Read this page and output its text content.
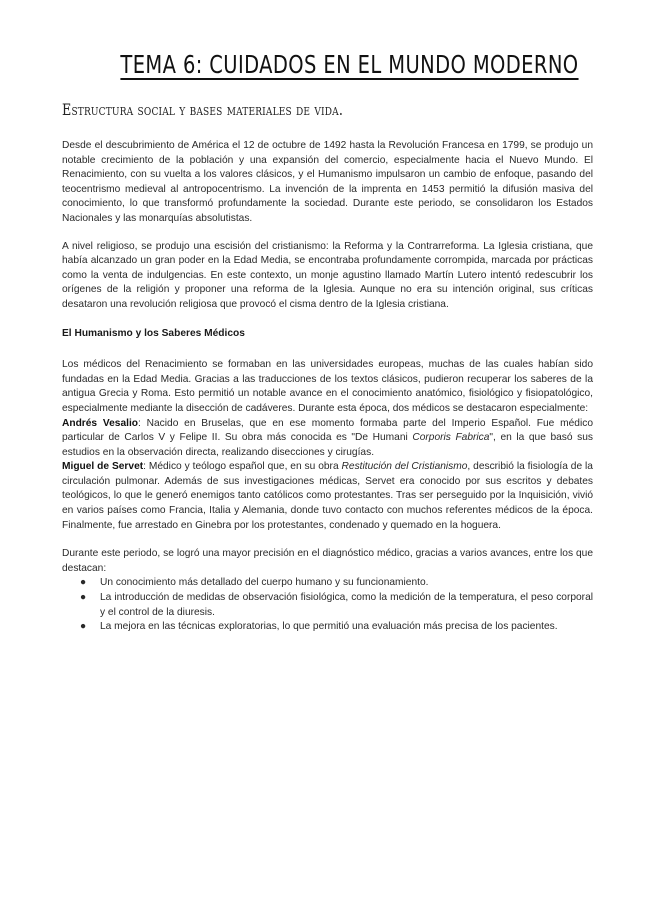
TEMA 6: CUIDADOS EN EL MUNDO MODERNO
Estructura social y bases materiales de vida.

Desde el descubrimiento de América el 12 de octubre de 1492 hasta la Revolución Francesa en 1799, se produjo un notable crecimiento de la población y una expansión del comercio, especialmente hacia el Nuevo Mundo. El Renacimiento, con su vuelta a los valores clásicos, y el Humanismo impulsaron un cambio de enfoque, pasando del teocentrismo medieval al antropocentrismo. La invención de la imprenta en 1453 permitió la difusión masiva del conocimiento, lo que transformó profundamente la sociedad. Durante este periodo, se consolidaron los Estados Nacionales y las monarquías absolutistas.

A nivel religioso, se produjo una escisión del cristianismo: la Reforma y la Contrarreforma. La Iglesia cristiana, que había alcanzado un gran poder en la Edad Media, se encontraba profundamente corrompida, marcada por prácticas como la venta de indulgencias. En este contexto, un monje agustino llamado Martín Lutero intentó redescubrir los orígenes de la religión y proponer una reforma de la Iglesia. Aunque no era su intención original, sus críticas desataron una revolución religiosa que provocó el cisma dentro de la Iglesia cristiana.

El Humanismo y los Saberes Médicos

Los médicos del Renacimiento se formaban en las universidades europeas, muchas de las cuales habían sido fundadas en la Edad Media. Gracias a las traducciones de los textos clásicos, pudieron recuperar los saberes de la antigua Grecia y Roma. Esto permitió un notable avance en el conocimiento anatómico, fisiológico y fisiopatológico, especialmente mediante la disección de cadáveres. Durante esta época, dos médicos se destacaron especialmente:

Andrés Vesalio: Nacido en Bruselas, que en ese momento formaba parte del Imperio Español. Fue médico particular de Carlos V y Felipe II. Su obra más conocida es "De Humani Corporis Fabrica", en la que basó sus estudios en la observación directa, realizando disecciones y cirugías.

Miguel de Servet: Médico y teólogo español que, en su obra Restitución del Cristianismo, describió la fisiología de la circulación pulmonar. Además de sus investigaciones médicas, Servet era conocido por sus escritos y debates teológicos, lo que le generó enemigos tanto católicos como protestantes. Tras ser perseguido por la Inquisición, vivió en varios países como Francia, Italia y Alemania, donde tuvo contacto con muchos referentes médicos de la época. Finalmente, fue arrestado en Ginebra por los protestantes, condenado y quemado en la hoguera.

Durante este periodo, se logró una mayor precisión en el diagnóstico médico, gracias a varios avances, entre los que destacan:

● Un conocimiento más detallado del cuerpo humano y su funcionamiento.
● La introducción de medidas de observación fisiológica, como la medición de la temperatura, el peso corporal y el control de la diuresis.
● La mejora en las técnicas exploratorias, lo que permitió una evaluación más precisa de los pacientes.
